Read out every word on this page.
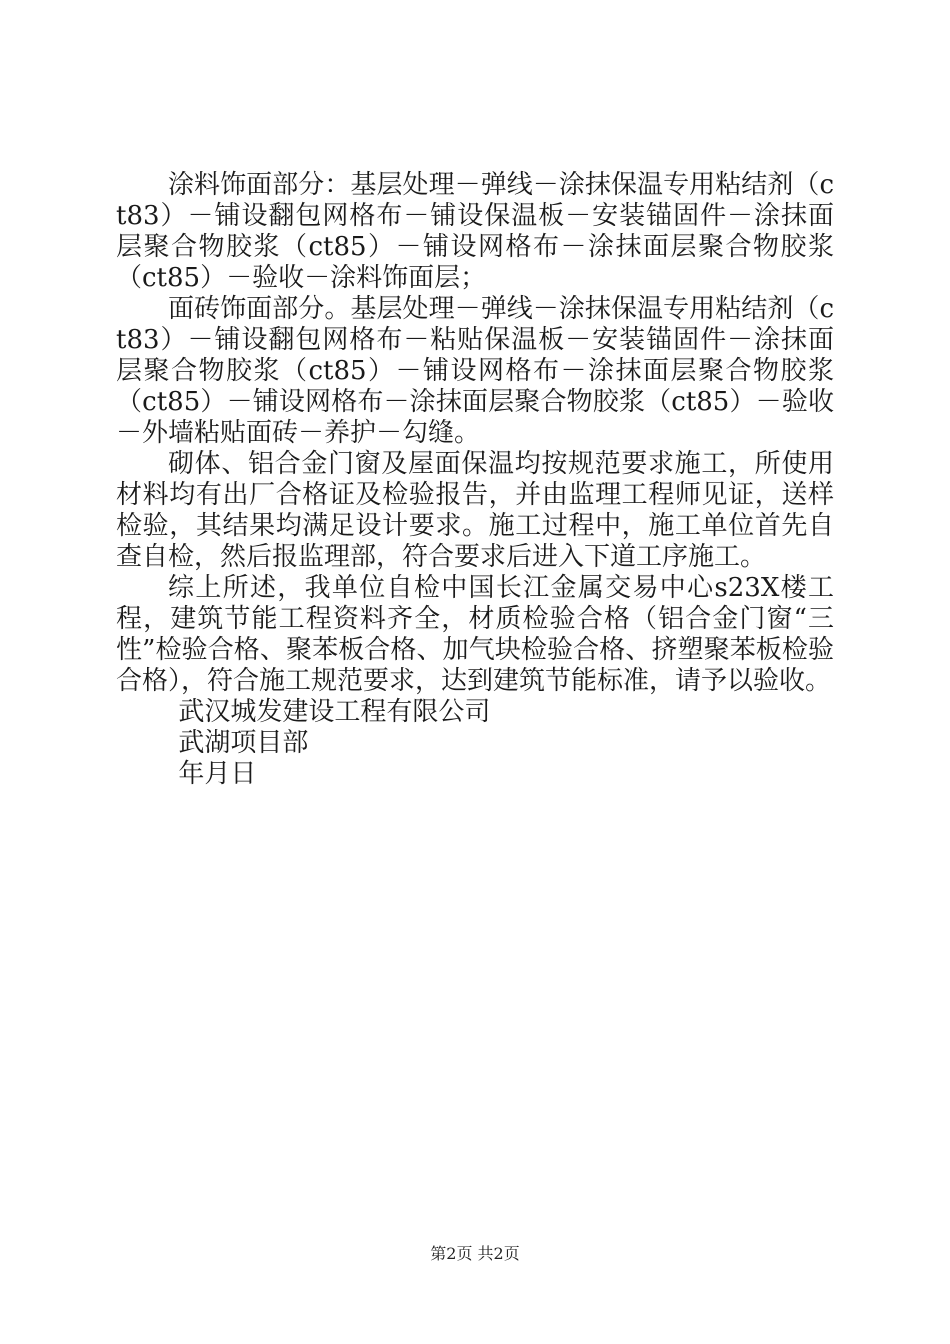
涂料饰面部分：基层处理－弹线－涂抹保温专用粘结剂（ct83）－铺设翻包网格布－铺设保温板－安装锚固件－涂抹面层聚合物胶浆（ct85）－铺设网格布－涂抹面层聚合物胶浆（ct85）－验收－涂料饰面层；

面砖饰面部分。基层处理－弹线－涂抹保温专用粘结剂（ct83）－铺设翻包网格布－粘贴保温板－安装锚固件－涂抹面层聚合物胶浆（ct85）－铺设网格布－涂抹面层聚合物胶浆（ct85）－铺设网格布－涂抹面层聚合物胶浆（ct85）－验收－外墙粘贴面砖－养护－勾缝。

砌体、铝合金门窗及屋面保温均按规范要求施工，所使用材料均有出厂合格证及检验报告，并由监理工程师见证，送样检验，其结果均满足设计要求。施工过程中，施工单位首先自查自检，然后报监理部，符合要求后进入下道工序施工。

综上所述，我单位自检中国长江金属交易中心s23X楼工程，建筑节能工程资料齐全，材质检验合格（铝合金门窗“三性”检验合格、聚苯板合格、加气块检验合格、挤塑聚苯板检验合格），符合施工规范要求，达到建筑节能标准，请予以验收。

武汉城发建设工程有限公司

武湖项目部

年月日

第2页 共2页
